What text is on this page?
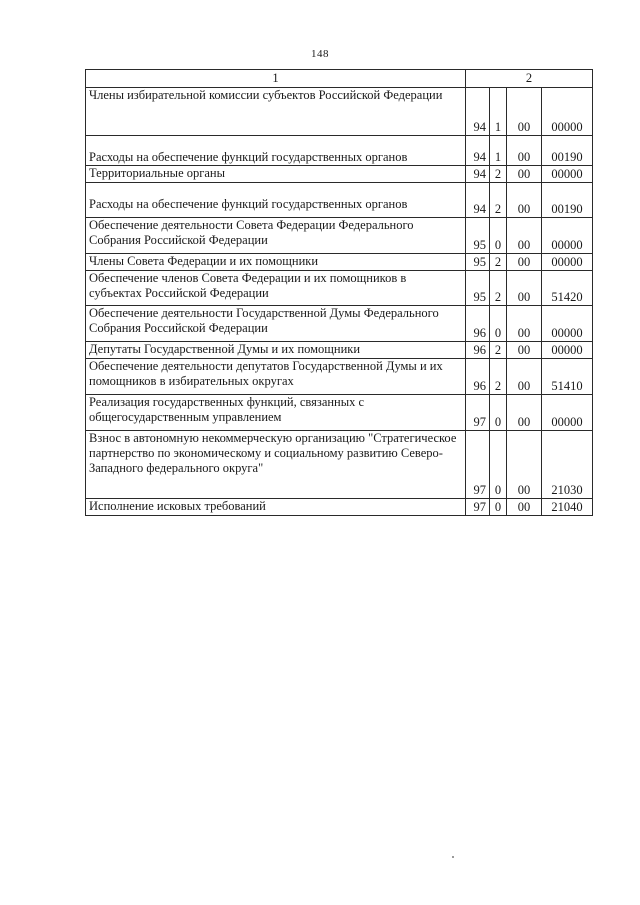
148
1	2			
Члены избирательной комиссии субъектов Российской Федерации	94	1	00	00000
Расходы на обеспечение функций государственных органов	94	1	00	00190
Территориальные органы	94	2	00	00000
Расходы на обеспечение функций государственных органов	94	2	00	00190
Обеспечение деятельности Совета Федерации Федерального Собрания Российской Федерации	95	0	00	00000
Члены Совета Федерации и их помощники	95	2	00	00000
Обеспечение членов Совета Федерации и их помощников в субъектах Российской Федерации	95	2	00	51420
Обеспечение деятельности Государственной Думы Федерального Собрания Российской Федерации	96	0	00	00000
Депутаты Государственной Думы и их помощники	96	2	00	00000
Обеспечение деятельности депутатов Государственной Думы и их помощников в избирательных округах	96	2	00	51410
Реализация государственных функций, связанных с общегосударственным управлением	97	0	00	00000
Взнос в автономную некоммерческую организацию "Стратегическое партнерство по экономическому и социальному развитию Северо-Западного федерального округа"	97	0	00	21030
Исполнение исковых требований	97	0	00	21040
